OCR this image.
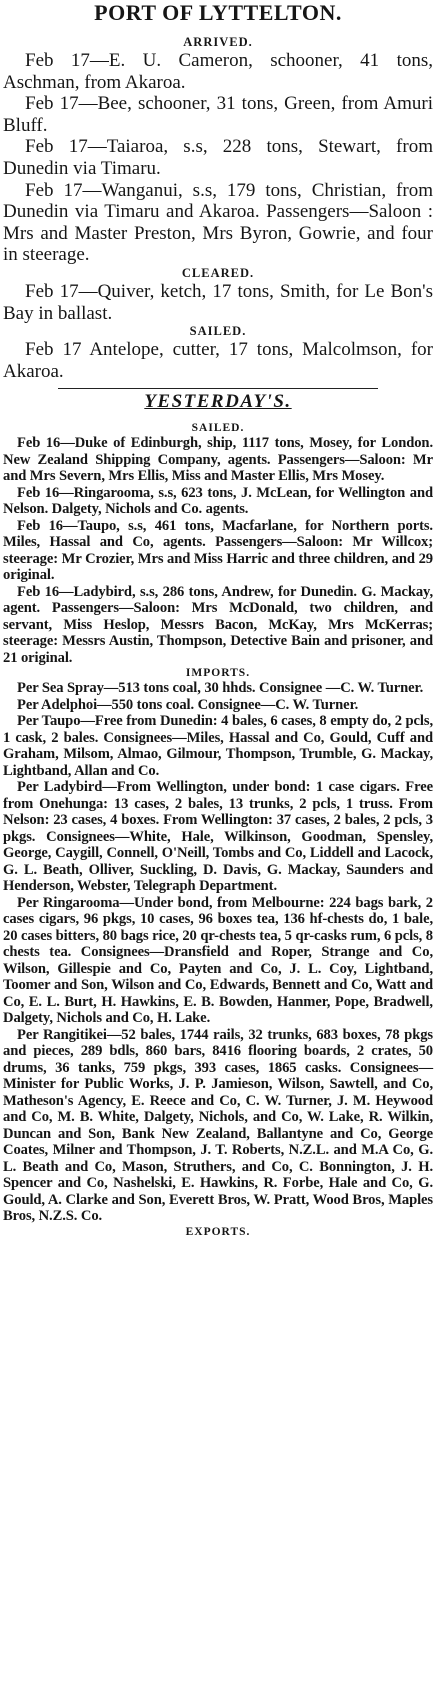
PORT OF LYTTELTON.
ARRIVED.

Feb 17—E. U. Cameron, schooner, 41 tons, Aschman, from Akaroa.

Feb 17—Bee, schooner, 31 tons, Green, from Amuri Bluff.

Feb 17—Taiaroa, s.s, 228 tons, Stewart, from Dunedin via Timaru.

Feb 17—Wanganui, s.s, 179 tons, Christian, from Dunedin via Timaru and Akaroa. Passengers—Saloon : Mrs and Master Preston, Mrs Byron, Gowrie, and four in steerage.

CLEARED.

Feb 17—Quiver, ketch, 17 tons, Smith, for Le Bon's Bay in ballast.

SAILED.

Feb 17 Antelope, cutter, 17 tons, Malcolmson, for Akaroa.

YESTERDAY'S.
SAILED.

Feb 16—Duke of Edinburgh, ship, 1117 tons, Mosey, for London. New Zealand Shipping Company, agents. Passengers—Saloon: Mr and Mrs Severn, Mrs Ellis, Miss and Master Ellis, Mrs Mosey.

Feb 16—Ringarooma, s.s, 623 tons, J. McLean, for Wellington and Nelson. Dalgety, Nichols and Co. agents.

Feb 16—Taupo, s.s, 461 tons, Macfarlane, for Northern ports. Miles, Hassal and Co, agents. Passengers—Saloon: Mr Willcox; steerage: Mr Crozier, Mrs and Miss Harric and three children, and 29 original.

Feb 16—Ladybird, s.s, 286 tons, Andrew, for Dunedin. G. Mackay, agent. Passengers—Saloon: Mrs McDonald, two children, and servant, Miss Heslop, Messrs Bacon, McKay, Mrs McKerras; steerage: Messrs Austin, Thompson, Detective Bain and prisoner, and 21 original.

IMPORTS.

Per Sea Spray—513 tons coal, 30 hhds. Consignee —C. W. Turner.

Per Adelphoi—550 tons coal. Consignee—C. W. Turner.

Per Taupo—Free from Dunedin: 4 bales, 6 cases, 8 empty do, 2 pcls, 1 cask, 2 bales. Consignees—Miles, Hassal and Co, Gould, Cuff and Graham, Milsom, Almao, Gilmour, Thompson, Trumble, G. Mackay, Lightband, Allan and Co.

Per Ladybird—From Wellington, under bond: 1 case cigars. Free from Onehunga: 13 cases, 2 bales, 13 trunks, 2 pcls, 1 truss. From Nelson: 23 cases, 4 boxes. From Wellington: 37 cases, 2 bales, 2 pcls, 3 pkgs. Consignees—White, Hale, Wilkinson, Goodman, Spensley, George, Caygill, Connell, O'Neill, Tombs and Co, Liddell and Lacock, G. L. Beath, Olliver, Suckling, D. Davis, G. Mackay, Saunders and Henderson, Webster, Telegraph Department.

Per Ringarooma—Under bond, from Melbourne: 224 bags bark, 2 cases cigars, 96 pkgs, 10 cases, 96 boxes tea, 136 hf-chests do, 1 bale, 20 cases bitters, 80 bags rice, 20 qr-chests tea, 5 qr-casks rum, 6 pcls, 8 chests tea. Consignees—Dransfield and Roper, Strange and Co, Wilson, Gillespie and Co, Payten and Co, J. L. Coy, Lightband, Toomer and Son, Wilson and Co, Edwards, Bennett and Co, Watt and Co, E. L. Burt, H. Hawkins, E. B. Bowden, Hanmer, Pope, Bradwell, Dalgety, Nichols and Co, H. Lake.

Per Rangitikei—52 bales, 1744 rails, 32 trunks, 683 boxes, 78 pkgs and pieces, 289 bdls, 860 bars, 8416 flooring boards, 2 crates, 50 drums, 36 tanks, 759 pkgs, 393 cases, 1865 casks. Consignees—Minister for Public Works, J. P. Jamieson, Wilson, Sawtell, and Co, Matheson's Agency, E. Reece and Co, C. W. Turner, J. M. Heywood and Co, M. B. White, Dalgety, Nichols, and Co, W. Lake, R. Wilkin, Duncan and Son, Bank New Zealand, Ballantyne and Co, George Coates, Milner and Thompson, J. T. Roberts, N.Z.L. and M.A Co, G. L. Beath and Co, Mason, Struthers, and Co, C. Bonnington, J. H. Spencer and Co, Nashelski, E. Hawkins, R. Forbe, Hale and Co, G. Gould, A. Clarke and Son, Everett Bros, W. Pratt, Wood Bros, Maples Bros, N.Z.S. Co.

EXPORTS.
